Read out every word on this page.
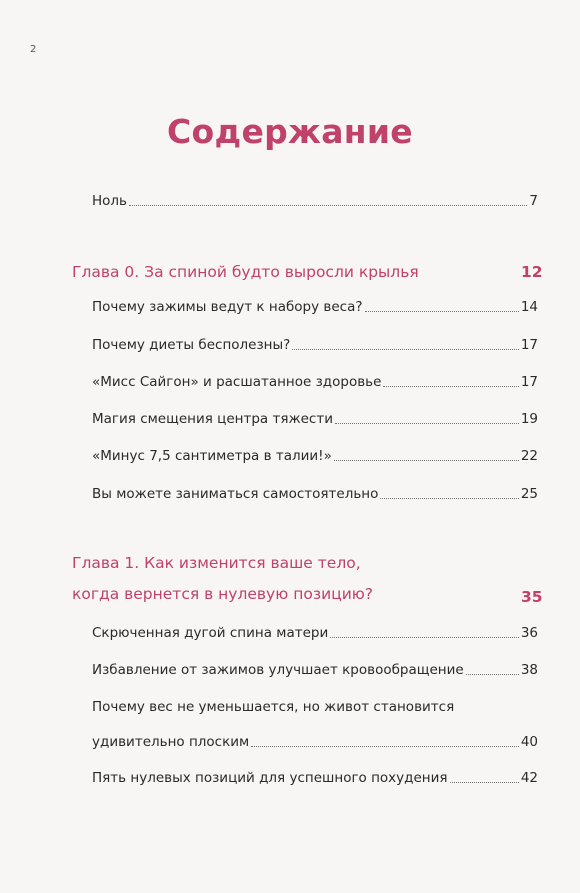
2
Содержание
Ноль	7
Глава 0. За спиной будто выросли крылья	12
Почему зажимы ведут к набору веса?	14
Почему диеты бесполезны?	17
«Мисс Сайгон» и расшатанное здоровье	17
Магия смещения центра тяжести	19
«Минус 7,5 сантиметра в талии!»	22
Вы можете заниматься самостоятельно	25
Глава 1. Как изменится ваше тело,
когда вернется в нулевую позицию?	35
Скрюченная дугой спина матери	36
Избавление от зажимов улучшает кровообращение	38
Почему вес не уменьшается, но живот становится
удивительно плоским	40
Пять нулевых позиций для успешного похудения	42
